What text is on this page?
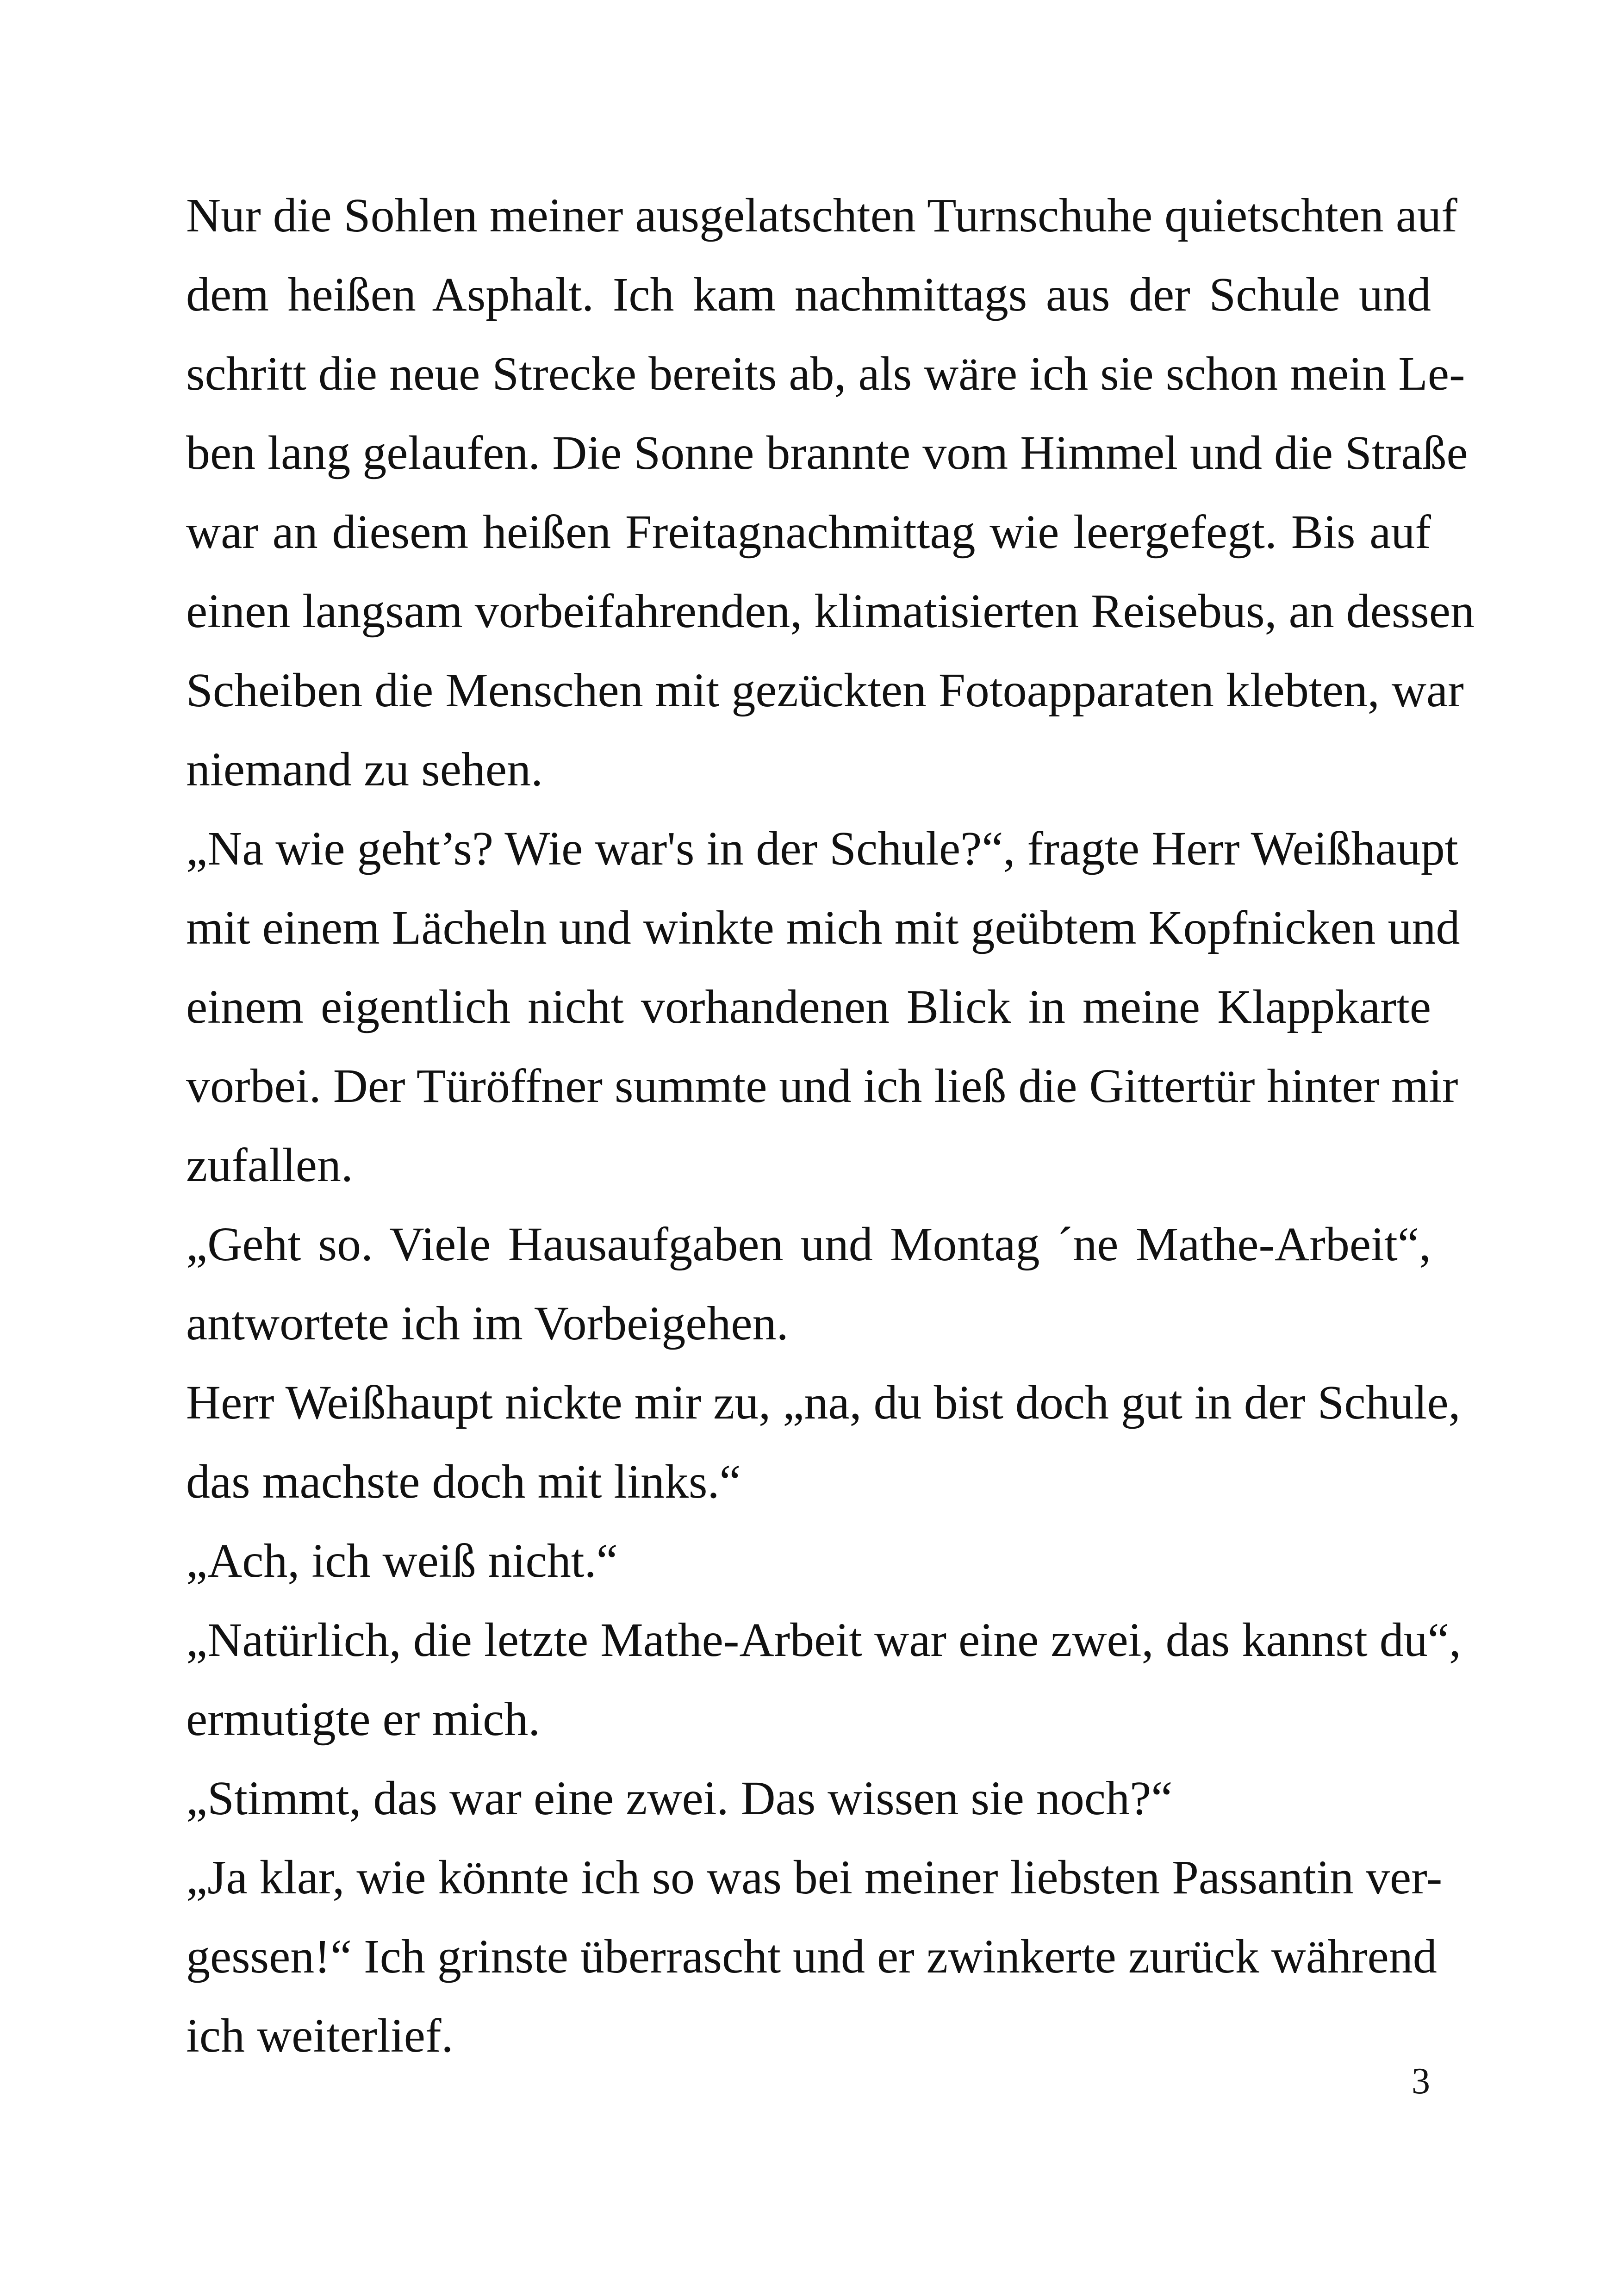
Nur die Sohlen meiner ausgelatschten Turnschuhe quietschten auf
dem heißen Asphalt. Ich kam nachmittags aus der Schule und
schritt die neue Strecke bereits ab, als wäre ich sie schon mein Le-
ben lang gelaufen. Die Sonne brannte vom Himmel und die Straße
war an diesem heißen Freitagnachmittag wie leergefegt. Bis auf
einen langsam vorbeifahrenden, klimatisierten Reisebus, an dessen
Scheiben die Menschen mit gezückten Fotoapparaten klebten, war
niemand zu sehen.

„Na wie geht’s? Wie war's in der Schule?“, fragte Herr Weißhaupt
mit einem Lächeln und winkte mich mit geübtem Kopfnicken und
einem eigentlich nicht vorhandenen Blick in meine Klappkarte
vorbei. Der Türöffner summte und ich ließ die Gittertür hinter mir
zufallen.

„Geht so. Viele Hausaufgaben und Montag ´ne Mathe-Arbeit“,
antwortete ich im Vorbeigehen.

Herr Weißhaupt nickte mir zu, „na, du bist doch gut in der Schule,
das machste doch mit links.“

„Ach, ich weiß nicht.“

„Natürlich, die letzte Mathe-Arbeit war eine zwei, das kannst du“,
ermutigte er mich.

„Stimmt, das war eine zwei. Das wissen sie noch?“

„Ja klar, wie könnte ich so was bei meiner liebsten Passantin ver-
gessen!“ Ich grinste überrascht und er zwinkerte zurück während
ich weiterlief.

3
